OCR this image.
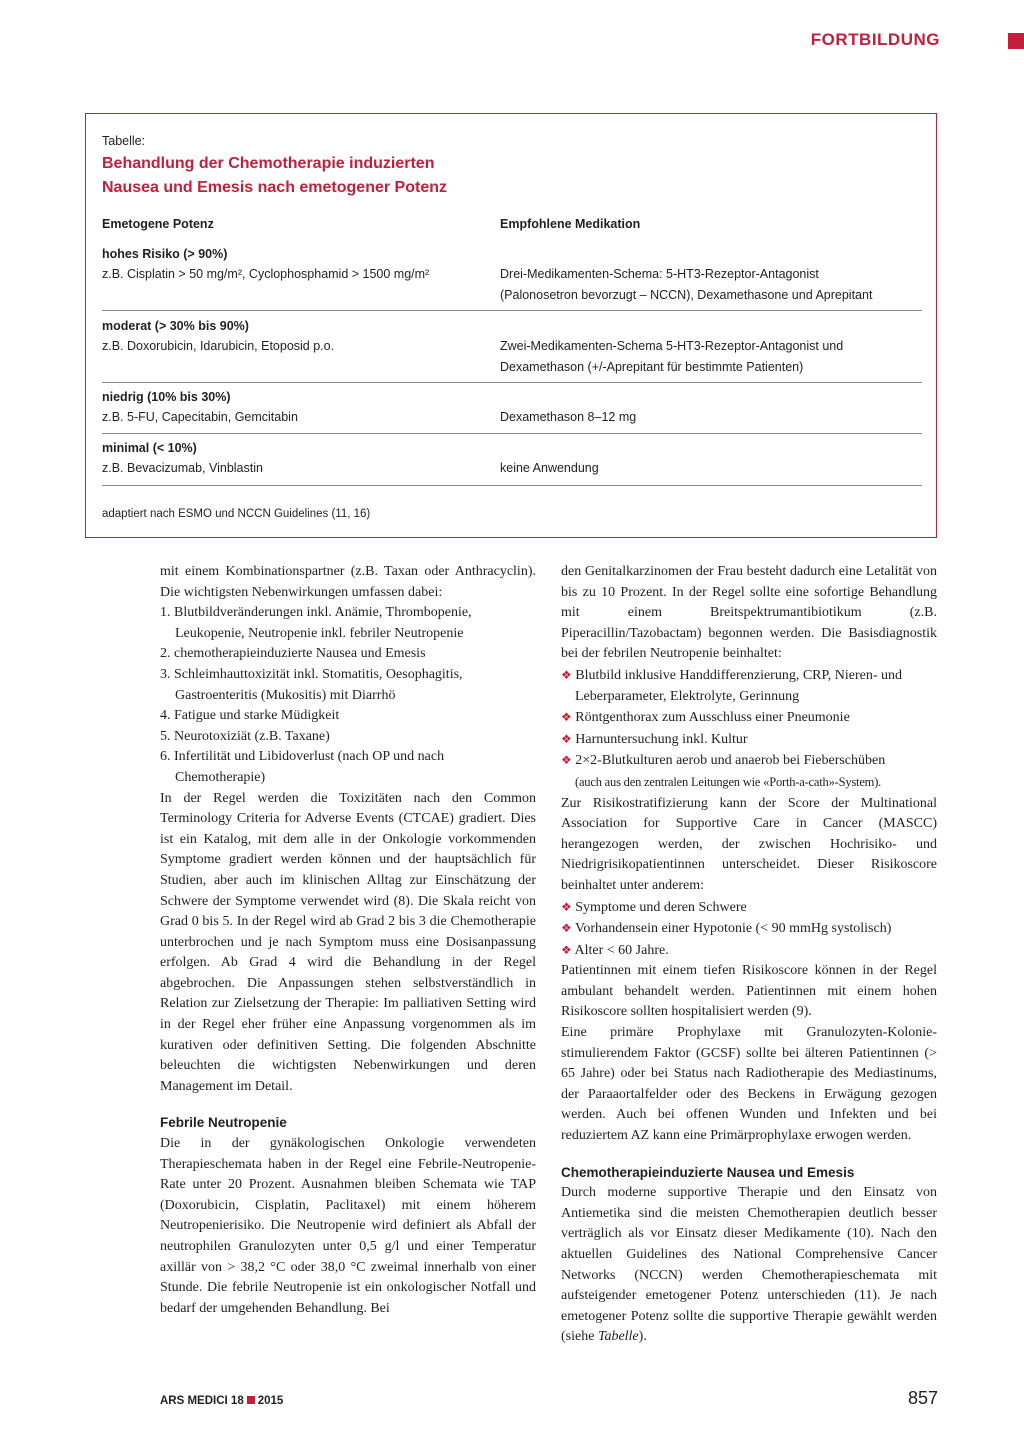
FORTBILDUNG
Tabelle:
Behandlung der Chemotherapie induzierten
Nausea und Emesis nach emetogener Potenz
Emetogene Potenz	Empfohlene Medikation
hohes Risiko (> 90%)
z.B. Cisplatin > 50 mg/m², Cyclophosphamid > 1500 mg/m²	Drei-Medikamenten-Schema: 5-HT3-Rezeptor-Antagonist
(Palonosetron bevorzugt – NCCN), Dexamethasone und Aprepitant
moderat (> 30% bis 90%)
z.B. Doxorubicin, Idarubicin, Etoposid p.o.	Zwei-Medikamenten-Schema 5-HT3-Rezeptor-Antagonist und
Dexamethason (+/-Aprepitant für bestimmte Patienten)
niedrig (10% bis 30%)
z.B. 5-FU, Capecitabin, Gemcitabin	Dexamethason 8–12 mg
minimal (< 10%)
z.B. Bevacizumab, Vinblastin	keine Anwendung
adaptiert nach ESMO und NCCN Guidelines (11, 16)

mit einem Kombinationspartner (z.B. Taxan oder Anthracyclin). Die wichtigsten Nebenwirkungen umfassen dabei:

1. Blutbildveränderungen inkl. Anämie, Thrombopenie, Leukopenie, Neutropenie inkl. febriler Neutropenie

2. chemotherapieinduzierte Nausea und Emesis

3. Schleimhauttoxizität inkl. Stomatitis, Oesophagitis, Gastroenteritis (Mukositis) mit Diarrhö

4. Fatigue und starke Müdigkeit

5. Neurotoxiziät (z.B. Taxane)

6. Infertilität und Libidoverlust (nach OP und nach Chemotherapie)

In der Regel werden die Toxizitäten nach den Common Terminology Criteria for Adverse Events (CTCAE) gradiert. Dies ist ein Katalog, mit dem alle in der Onkologie vorkommenden Symptome gradiert werden können und der hauptsächlich für Studien, aber auch im klinischen Alltag zur Einschätzung der Schwere der Symptome verwendet wird (8). Die Skala reicht von Grad 0 bis 5. In der Regel wird ab Grad 2 bis 3 die Chemotherapie unterbrochen und je nach Symptom muss eine Dosisanpassung erfolgen. Ab Grad 4 wird die Behandlung in der Regel abgebrochen. Die Anpassungen stehen selbstverständlich in Relation zur Zielsetzung der Therapie: Im palliativen Setting wird in der Regel eher früher eine Anpassung vorgenommen als im kurativen oder definitiven Setting. Die folgenden Abschnitte beleuchten die wichtigsten Nebenwirkungen und deren Management im Detail.

Febrile Neutropenie

Die in der gynäkologischen Onkologie verwendeten Therapieschemata haben in der Regel eine Febrile-Neutropenie-Rate unter 20 Prozent. Ausnahmen bleiben Schemata wie TAP (Doxorubicin, Cisplatin, Paclitaxel) mit einem höherem Neutropenierisiko. Die Neutropenie wird definiert als Abfall der neutrophilen Granulozyten unter 0,5 g/l und einer Temperatur axillär von > 38,2 °C oder 38,0 °C zweimal innerhalb von einer Stunde. Die febrile Neutropenie ist ein onkologischer Notfall und bedarf der umgehenden Behandlung. Bei

den Genitalkarzinomen der Frau besteht dadurch eine Letalität von bis zu 10 Prozent. In der Regel sollte eine sofortige Behandlung mit einem Breitspektrumantibiotikum (z.B. Piperacillin/Tazobactam) begonnen werden. Die Basisdiagnostik bei der febrilen Neutropenie beinhaltet:

❖ Blutbild inklusive Handdifferenzierung, CRP, Nieren- und Leberparameter, Elektrolyte, Gerinnung

❖ Röntgenthorax zum Ausschluss einer Pneumonie

❖ Harnuntersuchung inkl. Kultur

❖ 2×2-Blutkulturen aerob und anaerob bei Fieberschüben
(auch aus den zentralen Leitungen wie «Porth-a-cath»-System).

Zur Risikostratifizierung kann der Score der Multinational Association for Supportive Care in Cancer (MASCC) herangezogen werden, der zwischen Hochrisiko- und Niedrigrisikopatientinnen unterscheidet. Dieser Risikoscore beinhaltet unter anderem:

❖ Symptome und deren Schwere

❖ Vorhandensein einer Hypotonie (< 90 mmHg systolisch)

❖ Alter < 60 Jahre.

Patientinnen mit einem tiefen Risikoscore können in der Regel ambulant behandelt werden. Patientinnen mit einem hohen Risikoscore sollten hospitalisiert werden (9).

Eine primäre Prophylaxe mit Granulozyten-Kolonie-stimulierendem Faktor (GCSF) sollte bei älteren Patientinnen (> 65 Jahre) oder bei Status nach Radiotherapie des Mediastinums, der Paraaortalfelder oder des Beckens in Erwägung gezogen werden. Auch bei offenen Wunden und Infekten und bei reduziertem AZ kann eine Primärprophylaxe erwogen werden.

Chemotherapieinduzierte Nausea und Emesis

Durch moderne supportive Therapie und den Einsatz von Antiemetika sind die meisten Chemotherapien deutlich besser verträglich als vor Einsatz dieser Medikamente (10). Nach den aktuellen Guidelines des National Comprehensive Cancer Networks (NCCN) werden Chemotherapieschemata mit aufsteigender emetogener Potenz unterschieden (11). Je nach emetogener Potenz sollte die supportive Therapie gewählt werden (siehe Tabelle).

ARS MEDICI 18 2015	857
